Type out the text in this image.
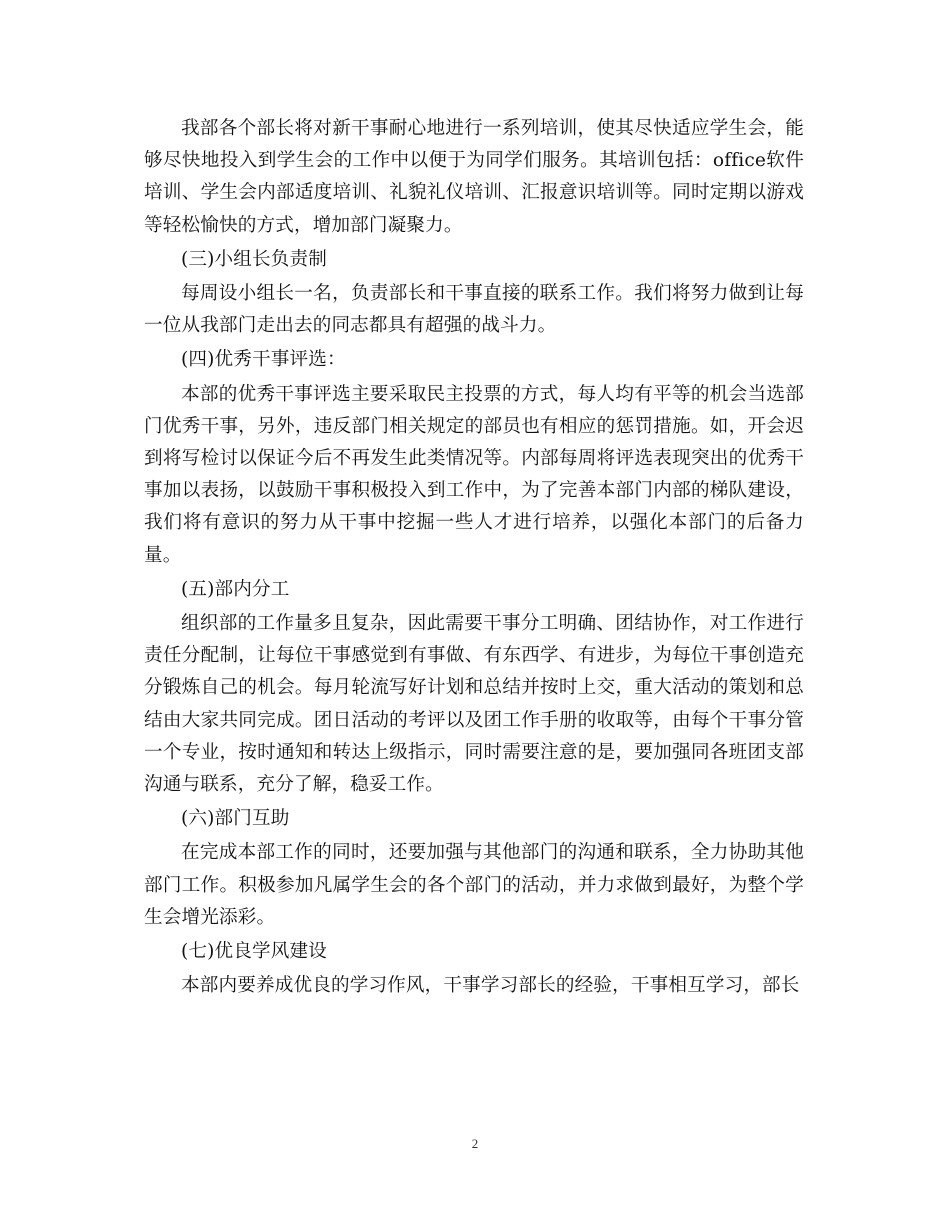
我部各个部长将对新干事耐心地进行一系列培训，使其尽快适应学生会，能够尽快地投入到学生会的工作中以便于为同学们服务。其培训包括：office软件培训、学生会内部适度培训、礼貌礼仪培训、汇报意识培训等。同时定期以游戏等轻松愉快的方式，增加部门凝聚力。

(三)小组长负责制

每周设小组长一名，负责部长和干事直接的联系工作。我们将努力做到让每一位从我部门走出去的同志都具有超强的战斗力。

(四)优秀干事评选：

本部的优秀干事评选主要采取民主投票的方式，每人均有平等的机会当选部门优秀干事，另外，违反部门相关规定的部员也有相应的惩罚措施。如，开会迟到将写检讨以保证今后不再发生此类情况等。内部每周将评选表现突出的优秀干事加以表扬，以鼓励干事积极投入到工作中，为了完善本部门内部的梯队建设，我们将有意识的努力从干事中挖掘一些人才进行培养，以强化本部门的后备力量。

(五)部内分工

组织部的工作量多且复杂，因此需要干事分工明确、团结协作，对工作进行责任分配制，让每位干事感觉到有事做、有东西学、有进步，为每位干事创造充分锻炼自己的机会。每月轮流写好计划和总结并按时上交，重大活动的策划和总结由大家共同完成。团日活动的考评以及团工作手册的收取等，由每个干事分管一个专业，按时通知和转达上级指示，同时需要注意的是，要加强同各班团支部沟通与联系，充分了解，稳妥工作。

(六)部门互助

在完成本部工作的同时，还要加强与其他部门的沟通和联系，全力协助其他部门工作。积极参加凡属学生会的各个部门的活动，并力求做到最好，为整个学生会增光添彩。

(七)优良学风建设

本部内要养成优良的学习作风，干事学习部长的经验，干事相互学习，部长

2
